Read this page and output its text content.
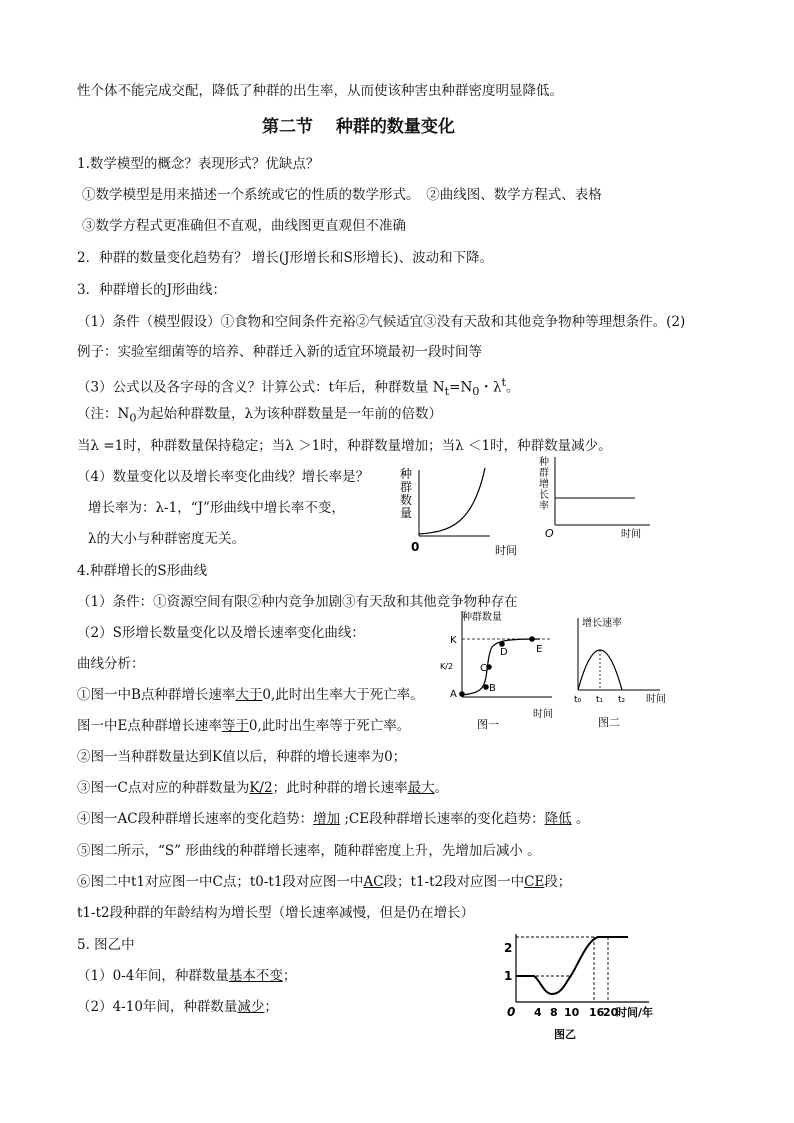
性个体不能完成交配，降低了种群的出生率，从而使该种害虫种群密度明显降低。
第二节　 种群的数量变化
1.数学模型的概念？表现形式？优缺点？
①数学模型是用来描述一个系统或它的性质的数学形式。　②曲线图、数学方程式、表格
③数学方程式更准确但不直观，曲线图更直观但不准确
2．种群的数量变化趋势有？ 增长(J形增长和S形增长)、波动和下降。
3．种群增长的J形曲线：
（1）条件（模型假设）①食物和空间条件充裕②气候适宜③没有天敌和其他竞争物种等理想条件。(2)
例子：实验室细菌等的培养、种群迁入新的适宜环境最初一段时间等
（3）公式以及各字母的含义？计算公式：t年后，种群数量 $N_t=N_0$・$\lambda^t$。
（注：$N_0$为起始种群数量，λ为该种群数量是一年前的倍数）
当λ =1时，种群数量保持稳定；当λ ＞1时，种群数量增加；当λ ＜1时，种群数量减少。
（4）数量变化以及增长率变化曲线？增长率是？
增长率为：λ-1，“J”形曲线中增长率不变，
λ的大小与种群密度无关。
4.种群增长的S形曲线
（1）条件：①资源空间有限②种内竞争加剧③有天敌和其他竞争物种存在
（2）S形增长数量变化以及增长速率变化曲线：
曲线分析：
①图一中B点种群增长速率大于0,此时出生率大于死亡率。
图一中E点种群增长速率等于0,此时出生率等于死亡率。
②图一当种群数量达到K值以后，种群的增长速率为0；
③图一C点对应的种群数量为K/2；此时种群的增长速率最大。
④图一AC段种群增长速率的变化趋势：增加 ;CE段种群增长速率的变化趋势：降低 。
⑤图二所示，“S” 形曲线的种群增长速率，随种群密度上升，先增加后减小 。
⑥图二中t1对应图一中C点；t0-t1段对应图一中AC段；t1-t2段对应图一中CE段；
t1-t2段种群的年龄结构为增长型（增长速率减慢，但是仍在增长）
5. 图乙中
（1）0-4年间，种群数量基本不变；
（2）4-10年间，种群数量减少；
0	时间
种
群
数
量
O	时间
种
群
增
长
率
种群数量
K
K/2
时间
图一
A
B
C
D	E
增长速率
时间
图二
t₀ t₁ t₂
2
1
0	时间/年
图乙
4 8 10 16
20
